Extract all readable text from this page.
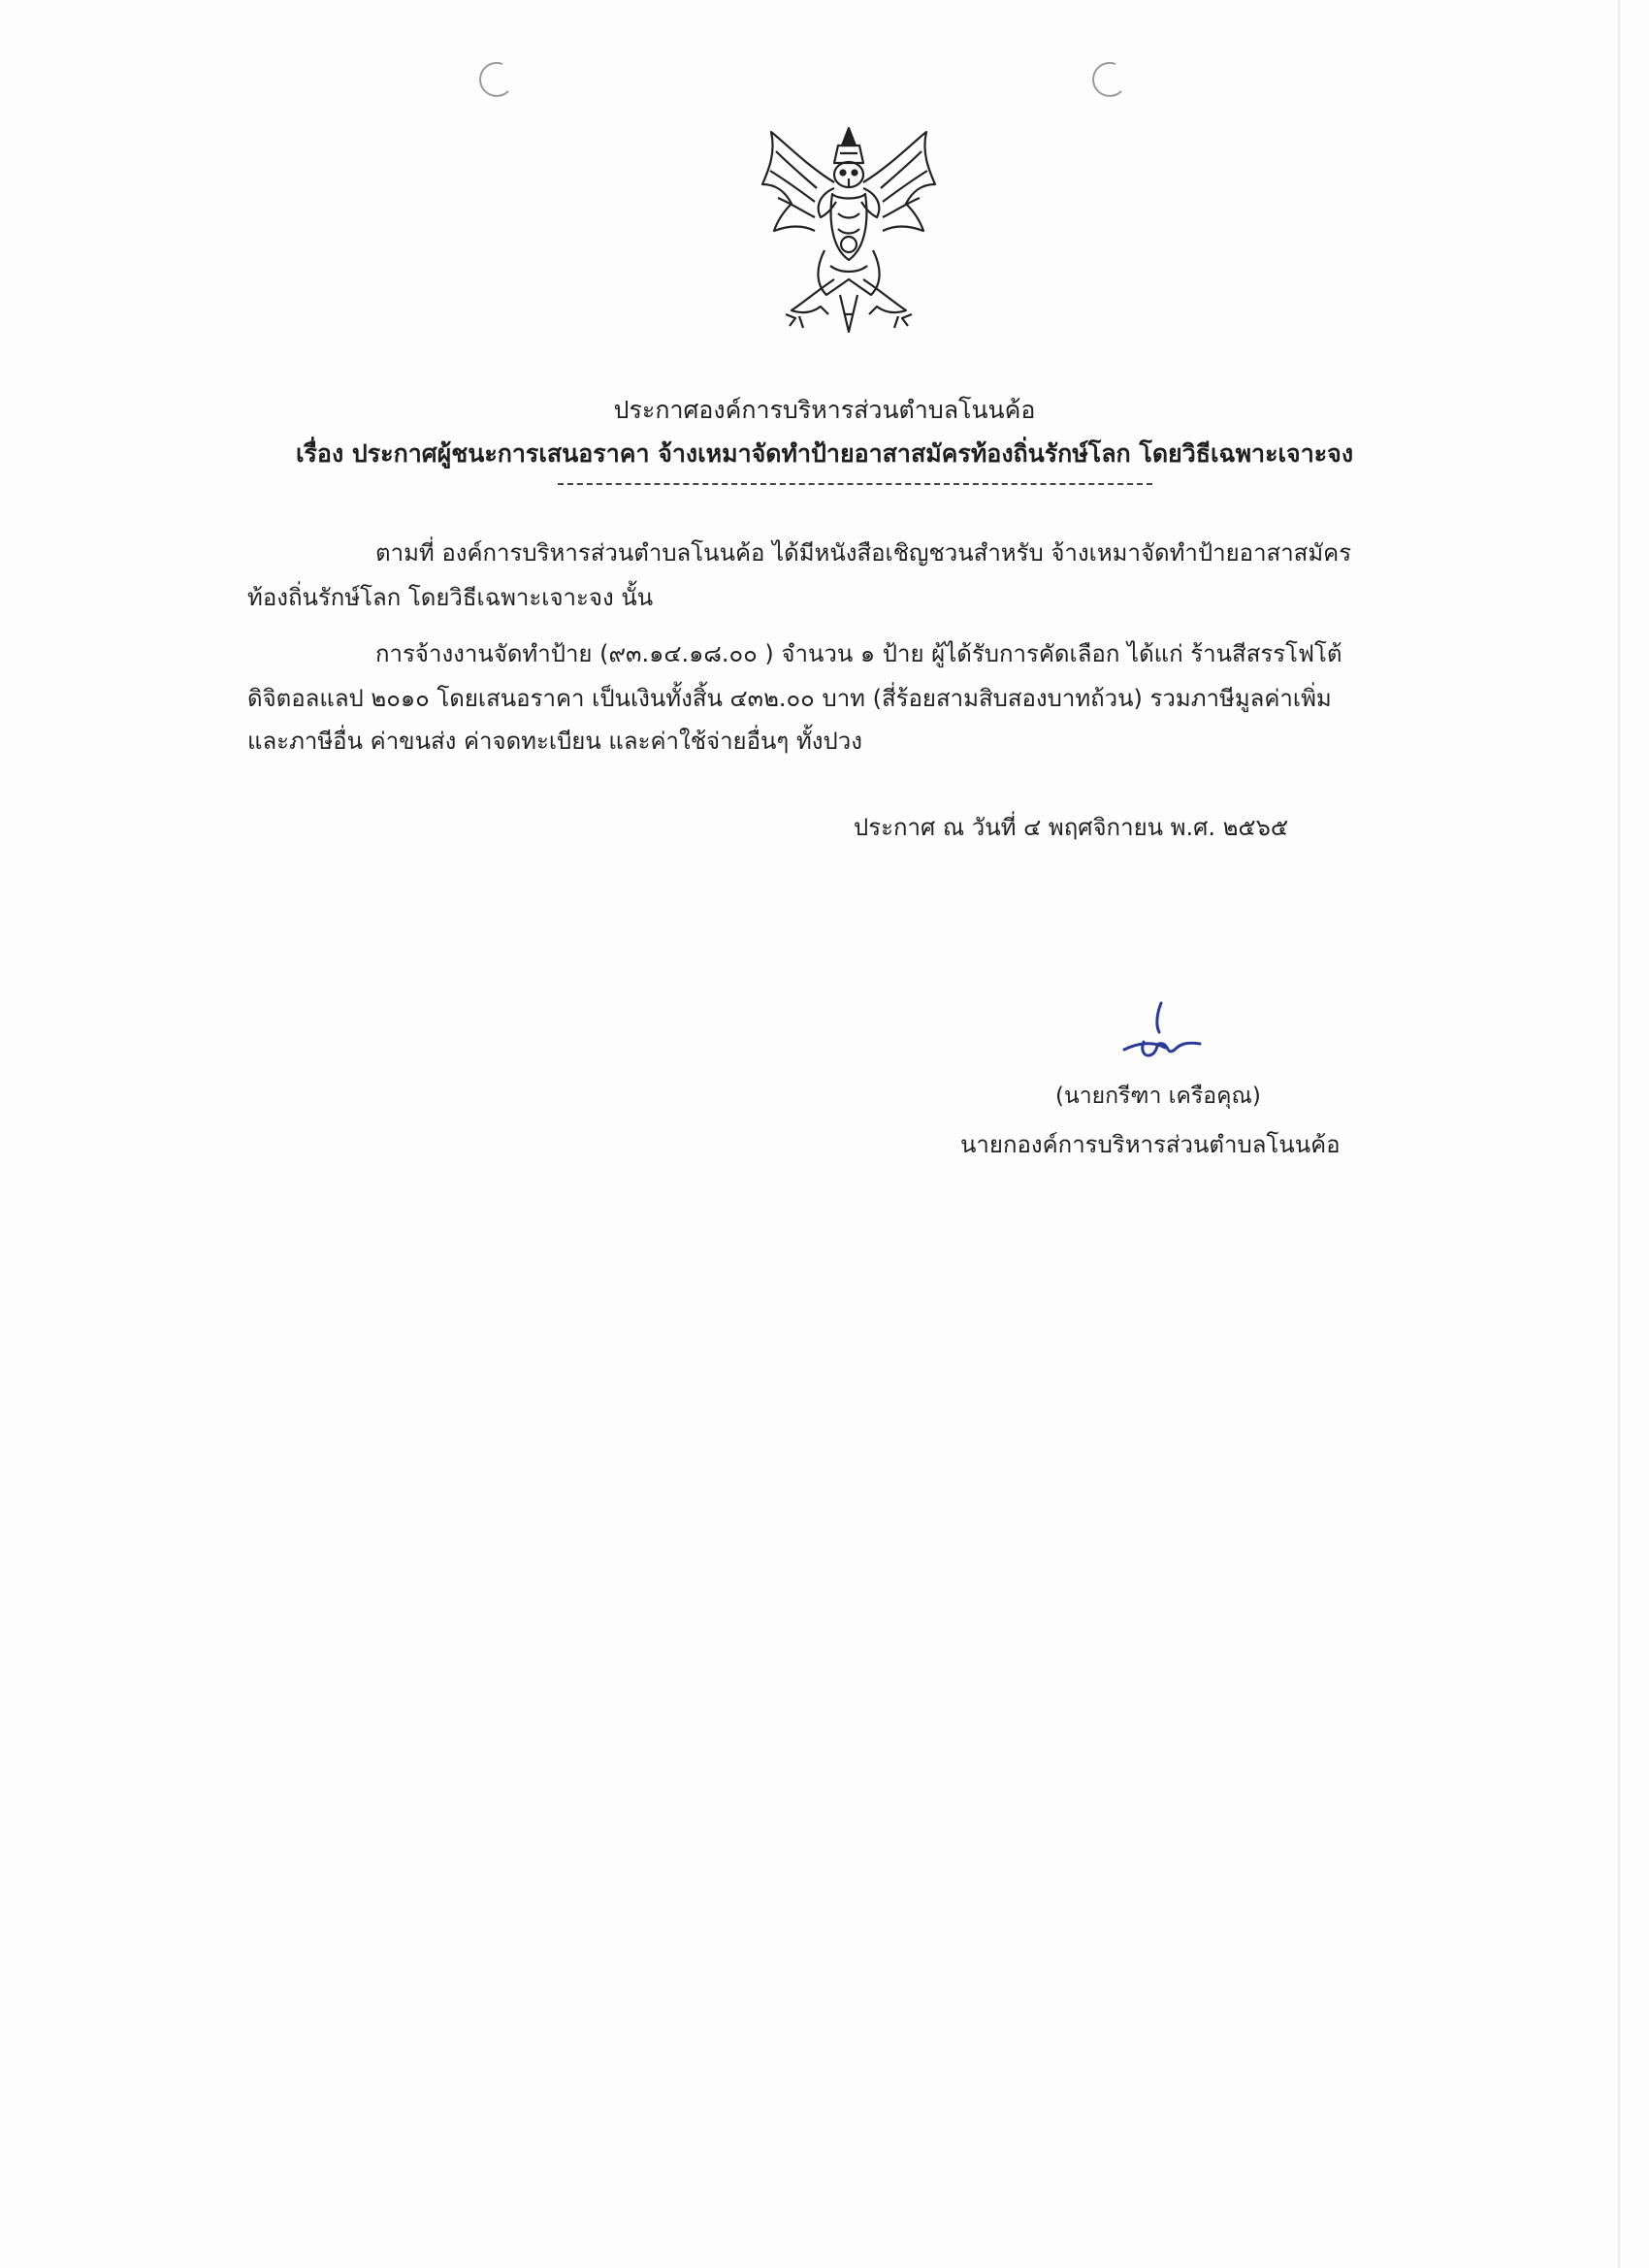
ประกาศองค์การบริหารส่วนตำบลโนนค้อ
เรื่อง ประกาศผู้ชนะการเสนอราคา จ้างเหมาจัดทำป้ายอาสาสมัครท้องถิ่นรักษ์โลก โดยวิธีเฉพาะเจาะจง
ตามที่ องค์การบริหารส่วนตำบลโนนค้อ ได้มีหนังสือเชิญชวนสำหรับ จ้างเหมาจัดทำป้ายอาสาสมัคร
ท้องถิ่นรักษ์โลก โดยวิธีเฉพาะเจาะจง นั้น
การจ้างงานจัดทำป้าย (๙๓.๑๔.๑๘.๐๐ ) จำนวน ๑ ป้าย ผู้ได้รับการคัดเลือก ได้แก่ ร้านสีสรรโฟโต้
ดิจิตอลแลป ๒๐๑๐ โดยเสนอราคา เป็นเงินทั้งสิ้น ๔๓๒.๐๐ บาท (สี่ร้อยสามสิบสองบาทถ้วน) รวมภาษีมูลค่าเพิ่ม
และภาษีอื่น ค่าขนส่ง ค่าจดทะเบียน และค่าใช้จ่ายอื่นๆ ทั้งปวง
ประกาศ ณ วันที่ ๔ พฤศจิกายน พ.ศ. ๒๕๖๕
(นายกรีฑา เครือคุณ)
นายกองค์การบริหารส่วนตำบลโนนค้อ
